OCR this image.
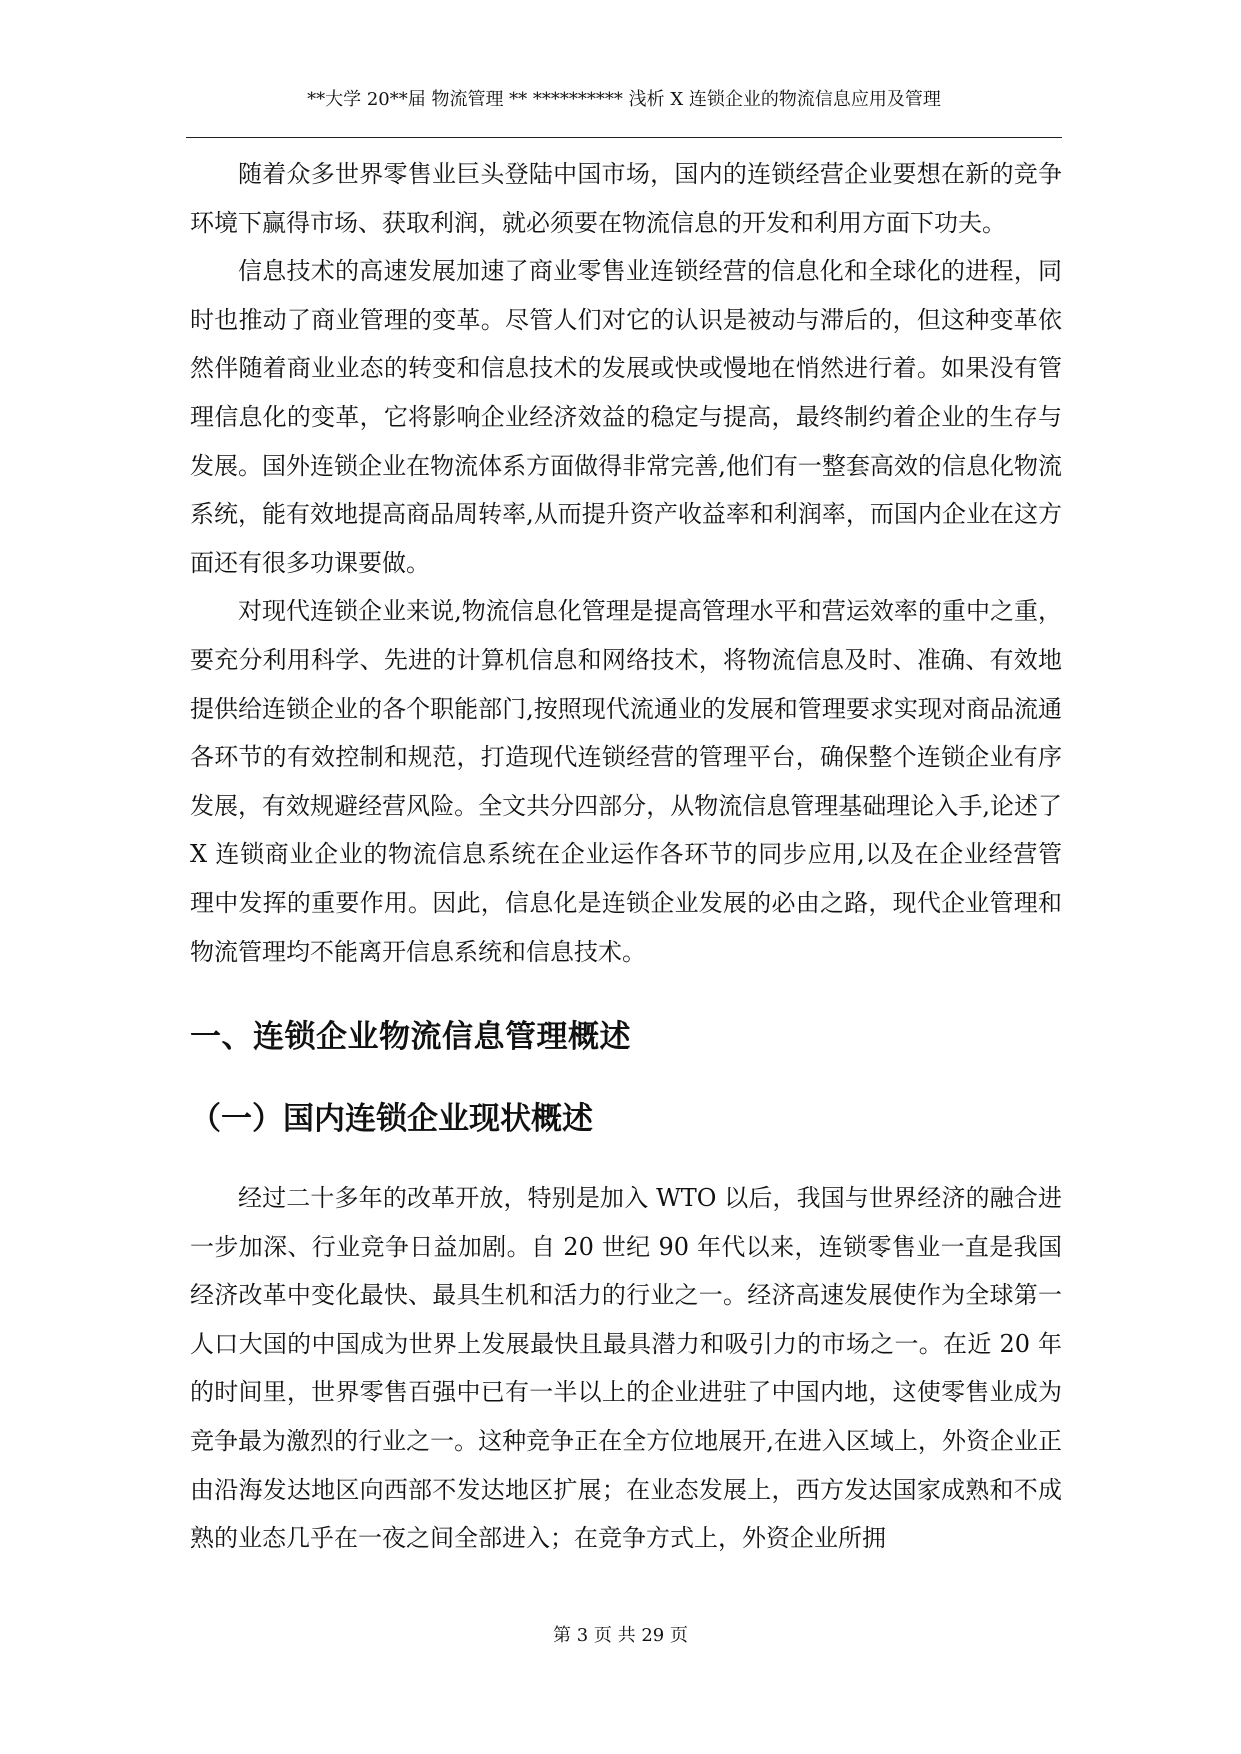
**大学 20**届 物流管理 ** ********** 浅析 X 连锁企业的物流信息应用及管理

随着众多世界零售业巨头登陆中国市场，国内的连锁经营企业要想在新的竞争环境下赢得市场、获取利润，就必须要在物流信息的开发和利用方面下功夫。

信息技术的高速发展加速了商业零售业连锁经营的信息化和全球化的进程，同时也推动了商业管理的变革。尽管人们对它的认识是被动与滞后的，但这种变革依然伴随着商业业态的转变和信息技术的发展或快或慢地在悄然进行着。如果没有管理信息化的变革，它将影响企业经济效益的稳定与提高，最终制约着企业的生存与发展。国外连锁企业在物流体系方面做得非常完善,他们有一整套高效的信息化物流系统，能有效地提高商品周转率,从而提升资产收益率和利润率，而国内企业在这方面还有很多功课要做。

对现代连锁企业来说,物流信息化管理是提高管理水平和营运效率的重中之重，要充分利用科学、先进的计算机信息和网络技术，将物流信息及时、准确、有效地提供给连锁企业的各个职能部门,按照现代流通业的发展和管理要求实现对商品流通各环节的有效控制和规范，打造现代连锁经营的管理平台，确保整个连锁企业有序发展，有效规避经营风险。全文共分四部分，从物流信息管理基础理论入手,论述了 X 连锁商业企业的物流信息系统在企业运作各环节的同步应用,以及在企业经营管理中发挥的重要作用。因此，信息化是连锁企业发展的必由之路，现代企业管理和物流管理均不能离开信息系统和信息技术。

一、连锁企业物流信息管理概述
（一）国内连锁企业现状概述

经过二十多年的改革开放，特别是加入 WTO 以后，我国与世界经济的融合进一步加深、行业竞争日益加剧。自 20 世纪 90 年代以来，连锁零售业一直是我国经济改革中变化最快、最具生机和活力的行业之一。经济高速发展使作为全球第一人口大国的中国成为世界上发展最快且最具潜力和吸引力的市场之一。在近 20 年的时间里，世界零售百强中已有一半以上的企业进驻了中国内地，这使零售业成为竞争最为激烈的行业之一。这种竞争正在全方位地展开,在进入区域上，外资企业正由沿海发达地区向西部不发达地区扩展；在业态发展上，西方发达国家成熟和不成熟的业态几乎在一夜之间全部进入；在竞争方式上，外资企业所拥

第 3 页 共 29 页
